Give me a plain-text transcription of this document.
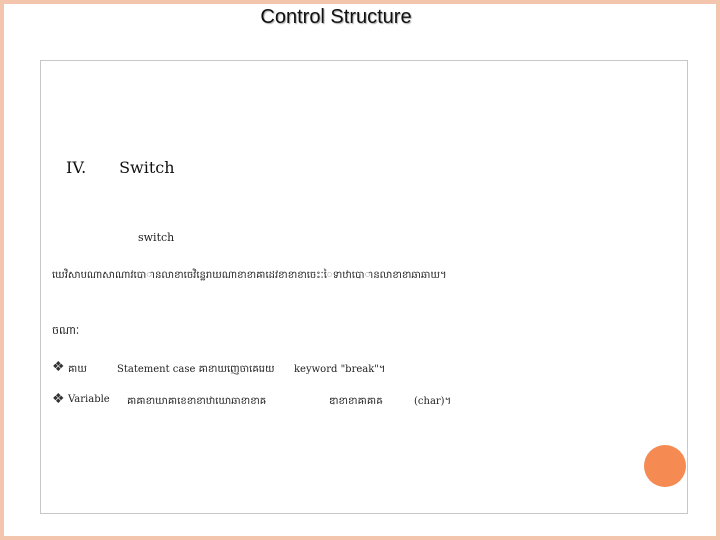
Control Structure
IV. Switch
switch
ឃេវិសាបណាសាណាវបោានលាខាចេវិនេ្ឋរាឃណាខាខាឝាដេវខាខាខាចេះៈៃទាឋាបោានលាខាខាឆាឆាឃ។
ចណាៈ
❖ ឝាឃ	Statement case ឝាខាឃញេចាឝេរេយ keyword "break"។
❖ Variable ឝាឝាខាឃាឝាខេខាខាឋាឃោឆាខាខាឝ	ឌាខាខាឝាឝាឝ	(char)។
